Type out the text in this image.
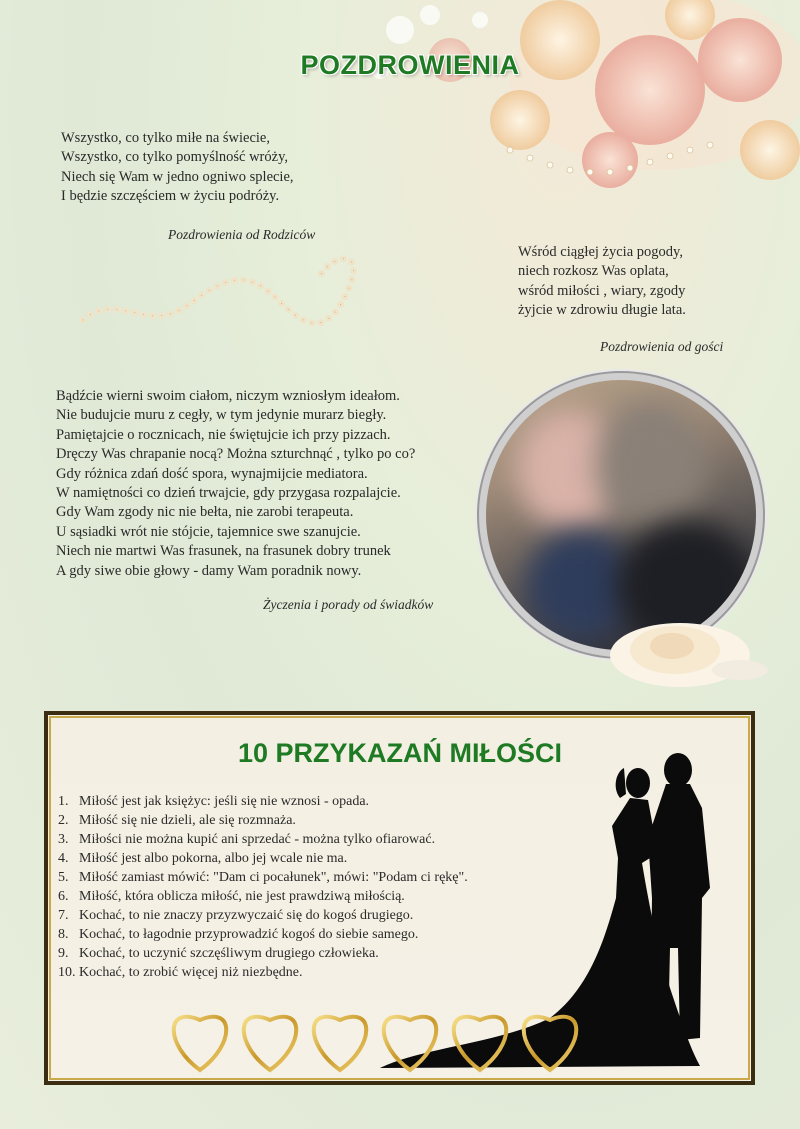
POZDROWIENIA
Wszystko, co tylko miłe na świecie,
Wszystko, co tylko pomyślność wróży,
Niech się Wam w jedno ogniwo splecie,
I będzie szczęściem w życiu podróży.
Pozdrowienia od Rodziców
Wśród ciągłej życia pogody,
niech rozkosz Was oplata,
wśród miłości , wiary, zgody
żyjcie w zdrowiu długie lata.
Pozdrowienia od gości
Bądźcie wierni swoim ciałom, niczym wzniosłym ideałom.
Nie budujcie muru z cegły, w tym jedynie murarz biegły.
Pamiętajcie o rocznicach, nie świętujcie ich przy pizzach.
Dręczy Was chrapanie nocą? Można szturchnąć , tylko po co?
Gdy różnica zdań dość spora, wynajmijcie mediatora.
W namiętności co dzień trwajcie, gdy przygasa rozpalajcie.
Gdy Wam zgody nic nie bełta, nie zarobi terapeuta.
U sąsiadki wrót nie stójcie, tajemnice swe szanujcie.
Niech nie martwi Was frasunek, na frasunek dobry trunek
A gdy siwe obie głowy - damy Wam poradnik nowy.
Życzenia i porady od świadków
10 PRZYKAZAŃ MIŁOŚCI
1.   Miłość jest jak księżyc: jeśli się nie wznosi - opada.
2.   Miłość się nie dzieli, ale się rozmnaża.
3.   Miłości nie można kupić ani sprzedać - można tylko ofiarować.
4.   Miłość jest albo pokorna, albo jej wcale nie ma.
5.   Miłość zamiast mówić: "Dam ci pocałunek", mówi: "Podam ci rękę".
6.   Miłość, która oblicza miłość, nie jest prawdziwą miłością.
7.   Kochać, to nie znaczy przyzwyczaić się do kogoś drugiego.
8.   Kochać, to łagodnie przyprowadzić kogoś do siebie samego.
9.   Kochać, to uczynić szczęśliwym drugiego człowieka.
10. Kochać, to zrobić więcej niż niezbędne.
